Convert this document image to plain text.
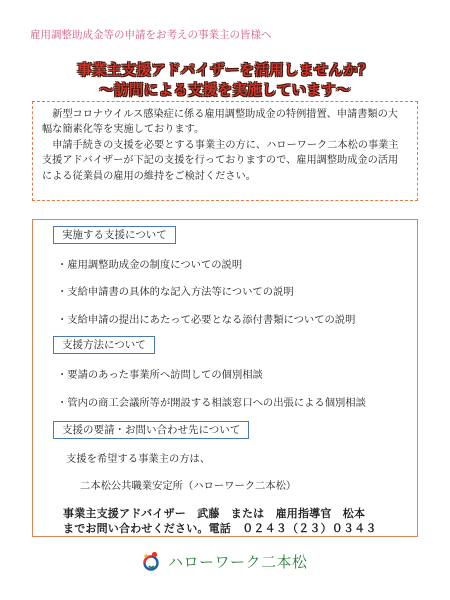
雇用調整助成金等の申請をお考えの事業主の皆様へ
事業主支援アドバイザーを活用しませんか？
～訪問による支援を実施しています～

新型コロナウイルス感染症に係る雇用調整助成金の特例措置、申請書類の大幅な簡素化等を実施しております。

申請手続きの支援を必要とする事業主の方に、ハローワーク二本松の事業主支援アドバイザーが下記の支援を行っておりますので、雇用調整助成金の活用による従業員の雇用の維持をご検討ください。

実施する支援について
・雇用調整助成金の制度についての説明
・支給申請書の具体的な記入方法等についての説明
・支給申請の提出にあたって必要となる添付書類についての説明
支援方法について
・要請のあった事業所へ訪問しての個別相談
・管内の商工会議所等が開設する相談窓口への出張による個別相談
支援の要請・お問い合わせ先について
支援を希望する事業主の方は、
二本松公共職業安定所（ハローワーク二本松）
事業主支援アドバイザー　武藤　または　雇用指導官　松本
までお問い合わせください。電話　０２４３（２３）０３４３
ハローワーク二本松
